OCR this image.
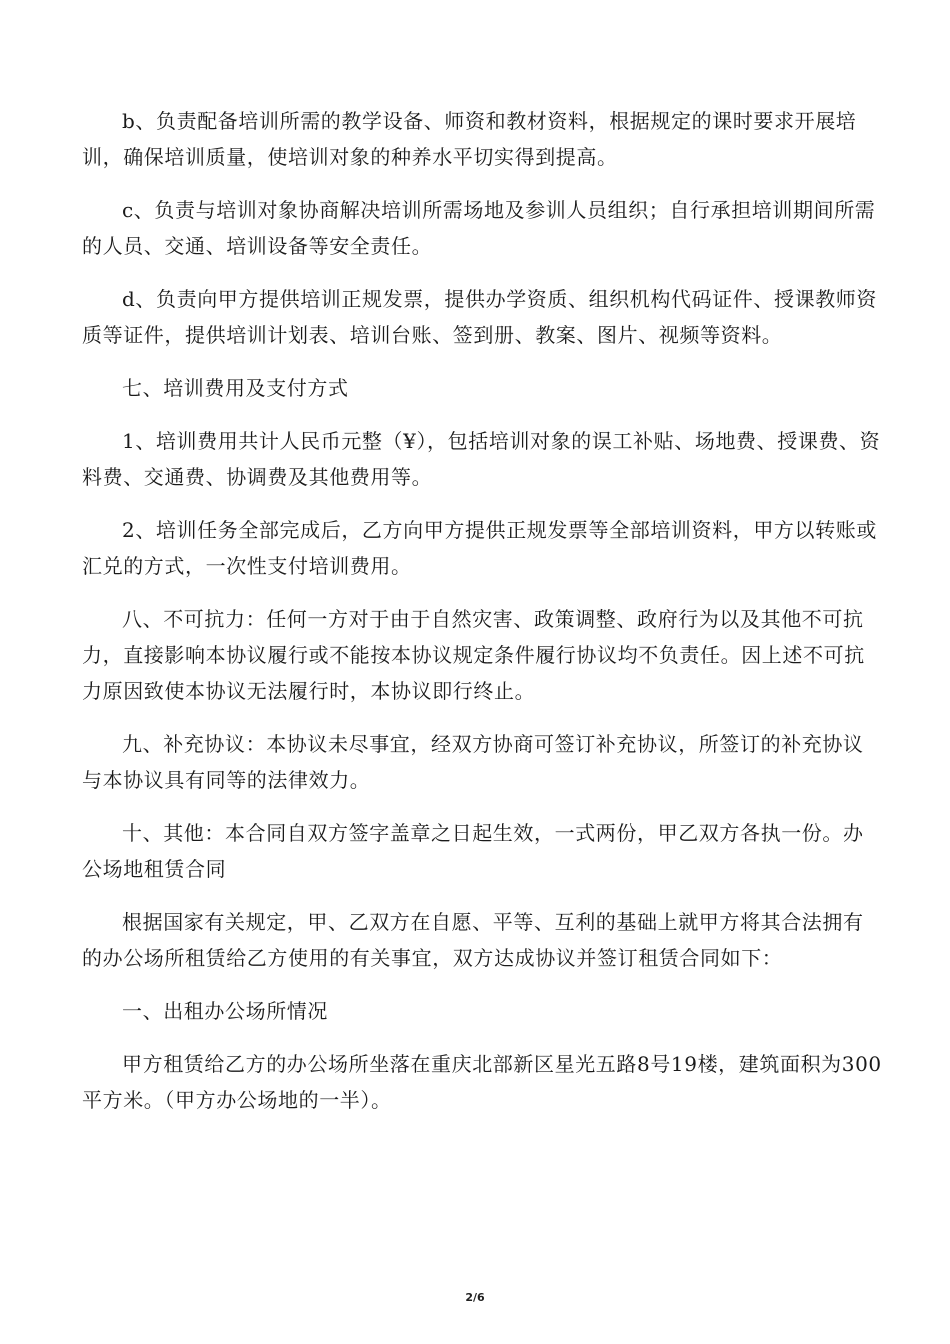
b、负责配备培训所需的教学设备、师资和教材资料，根据规定的课时要求开展培训，确保培训质量，使培训对象的种养水平切实得到提高。

c、负责与培训对象协商解决培训所需场地及参训人员组织；自行承担培训期间所需的人员、交通、培训设备等安全责任。

d、负责向甲方提供培训正规发票，提供办学资质、组织机构代码证件、授课教师资质等证件，提供培训计划表、培训台账、签到册、教案、图片、视频等资料。

七、培训费用及支付方式

1、培训费用共计人民币元整（¥），包括培训对象的误工补贴、场地费、授课费、资料费、交通费、协调费及其他费用等。

2、培训任务全部完成后，乙方向甲方提供正规发票等全部培训资料，甲方以转账或汇兑的方式，一次性支付培训费用。

八、不可抗力：任何一方对于由于自然灾害、政策调整、政府行为以及其他不可抗力，直接影响本协议履行或不能按本协议规定条件履行协议均不负责任。因上述不可抗力原因致使本协议无法履行时，本协议即行终止。

九、补充协议：本协议未尽事宜，经双方协商可签订补充协议，所签订的补充协议与本协议具有同等的法律效力。

十、其他：本合同自双方签字盖章之日起生效，一式两份，甲乙双方各执一份。办公场地租赁合同

根据国家有关规定，甲、乙双方在自愿、平等、互利的基础上就甲方将其合法拥有的办公场所租赁给乙方使用的有关事宜，双方达成协议并签订租赁合同如下：

一、出租办公场所情况

甲方租赁给乙方的办公场所坐落在重庆北部新区星光五路8号19楼，建筑面积为300平方米。（甲方办公场地的一半）。

2/6
